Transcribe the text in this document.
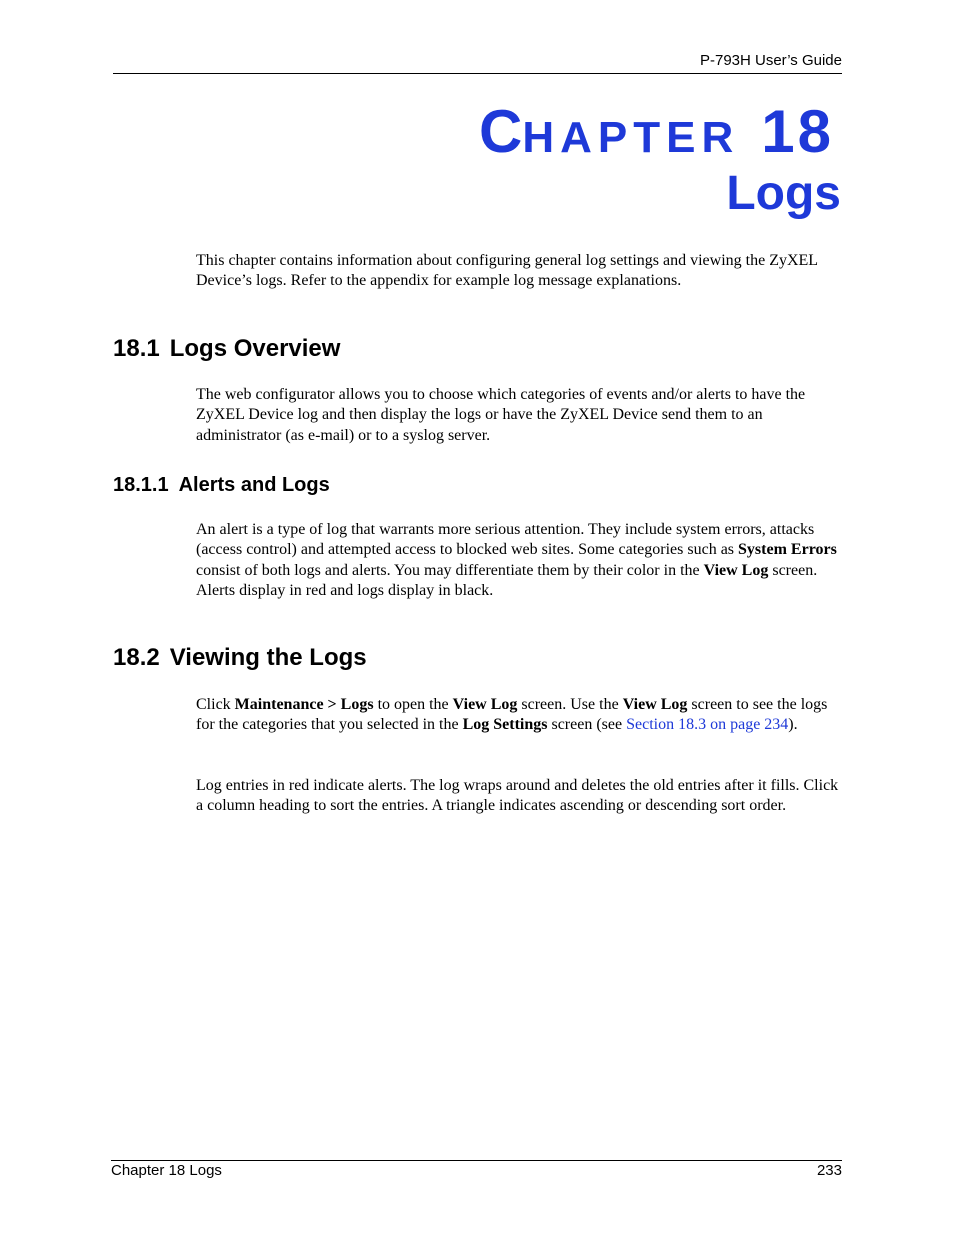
P-793H User’s Guide
CHAPTER 18
Logs
This chapter contains information about configuring general log settings and viewing the ZyXEL Device’s logs. Refer to the appendix for example log message explanations.
18.1 Logs Overview
The web configurator allows you to choose which categories of events and/or alerts to have the ZyXEL Device log and then display the logs or have the ZyXEL Device send them to an administrator (as e-mail) or to a syslog server.
18.1.1 Alerts and Logs
An alert is a type of log that warrants more serious attention. They include system errors, attacks (access control) and attempted access to blocked web sites. Some categories such as System Errors consist of both logs and alerts. You may differentiate them by their color in the View Log screen. Alerts display in red and logs display in black.
18.2 Viewing the Logs
Click Maintenance > Logs to open the View Log screen. Use the View Log screen to see the logs for the categories that you selected in the Log Settings screen (see Section 18.3 on page 234).
Log entries in red indicate alerts. The log wraps around and deletes the old entries after it fills. Click a column heading to sort the entries. A triangle indicates ascending or descending sort order.
Chapter 18 Logs	233
